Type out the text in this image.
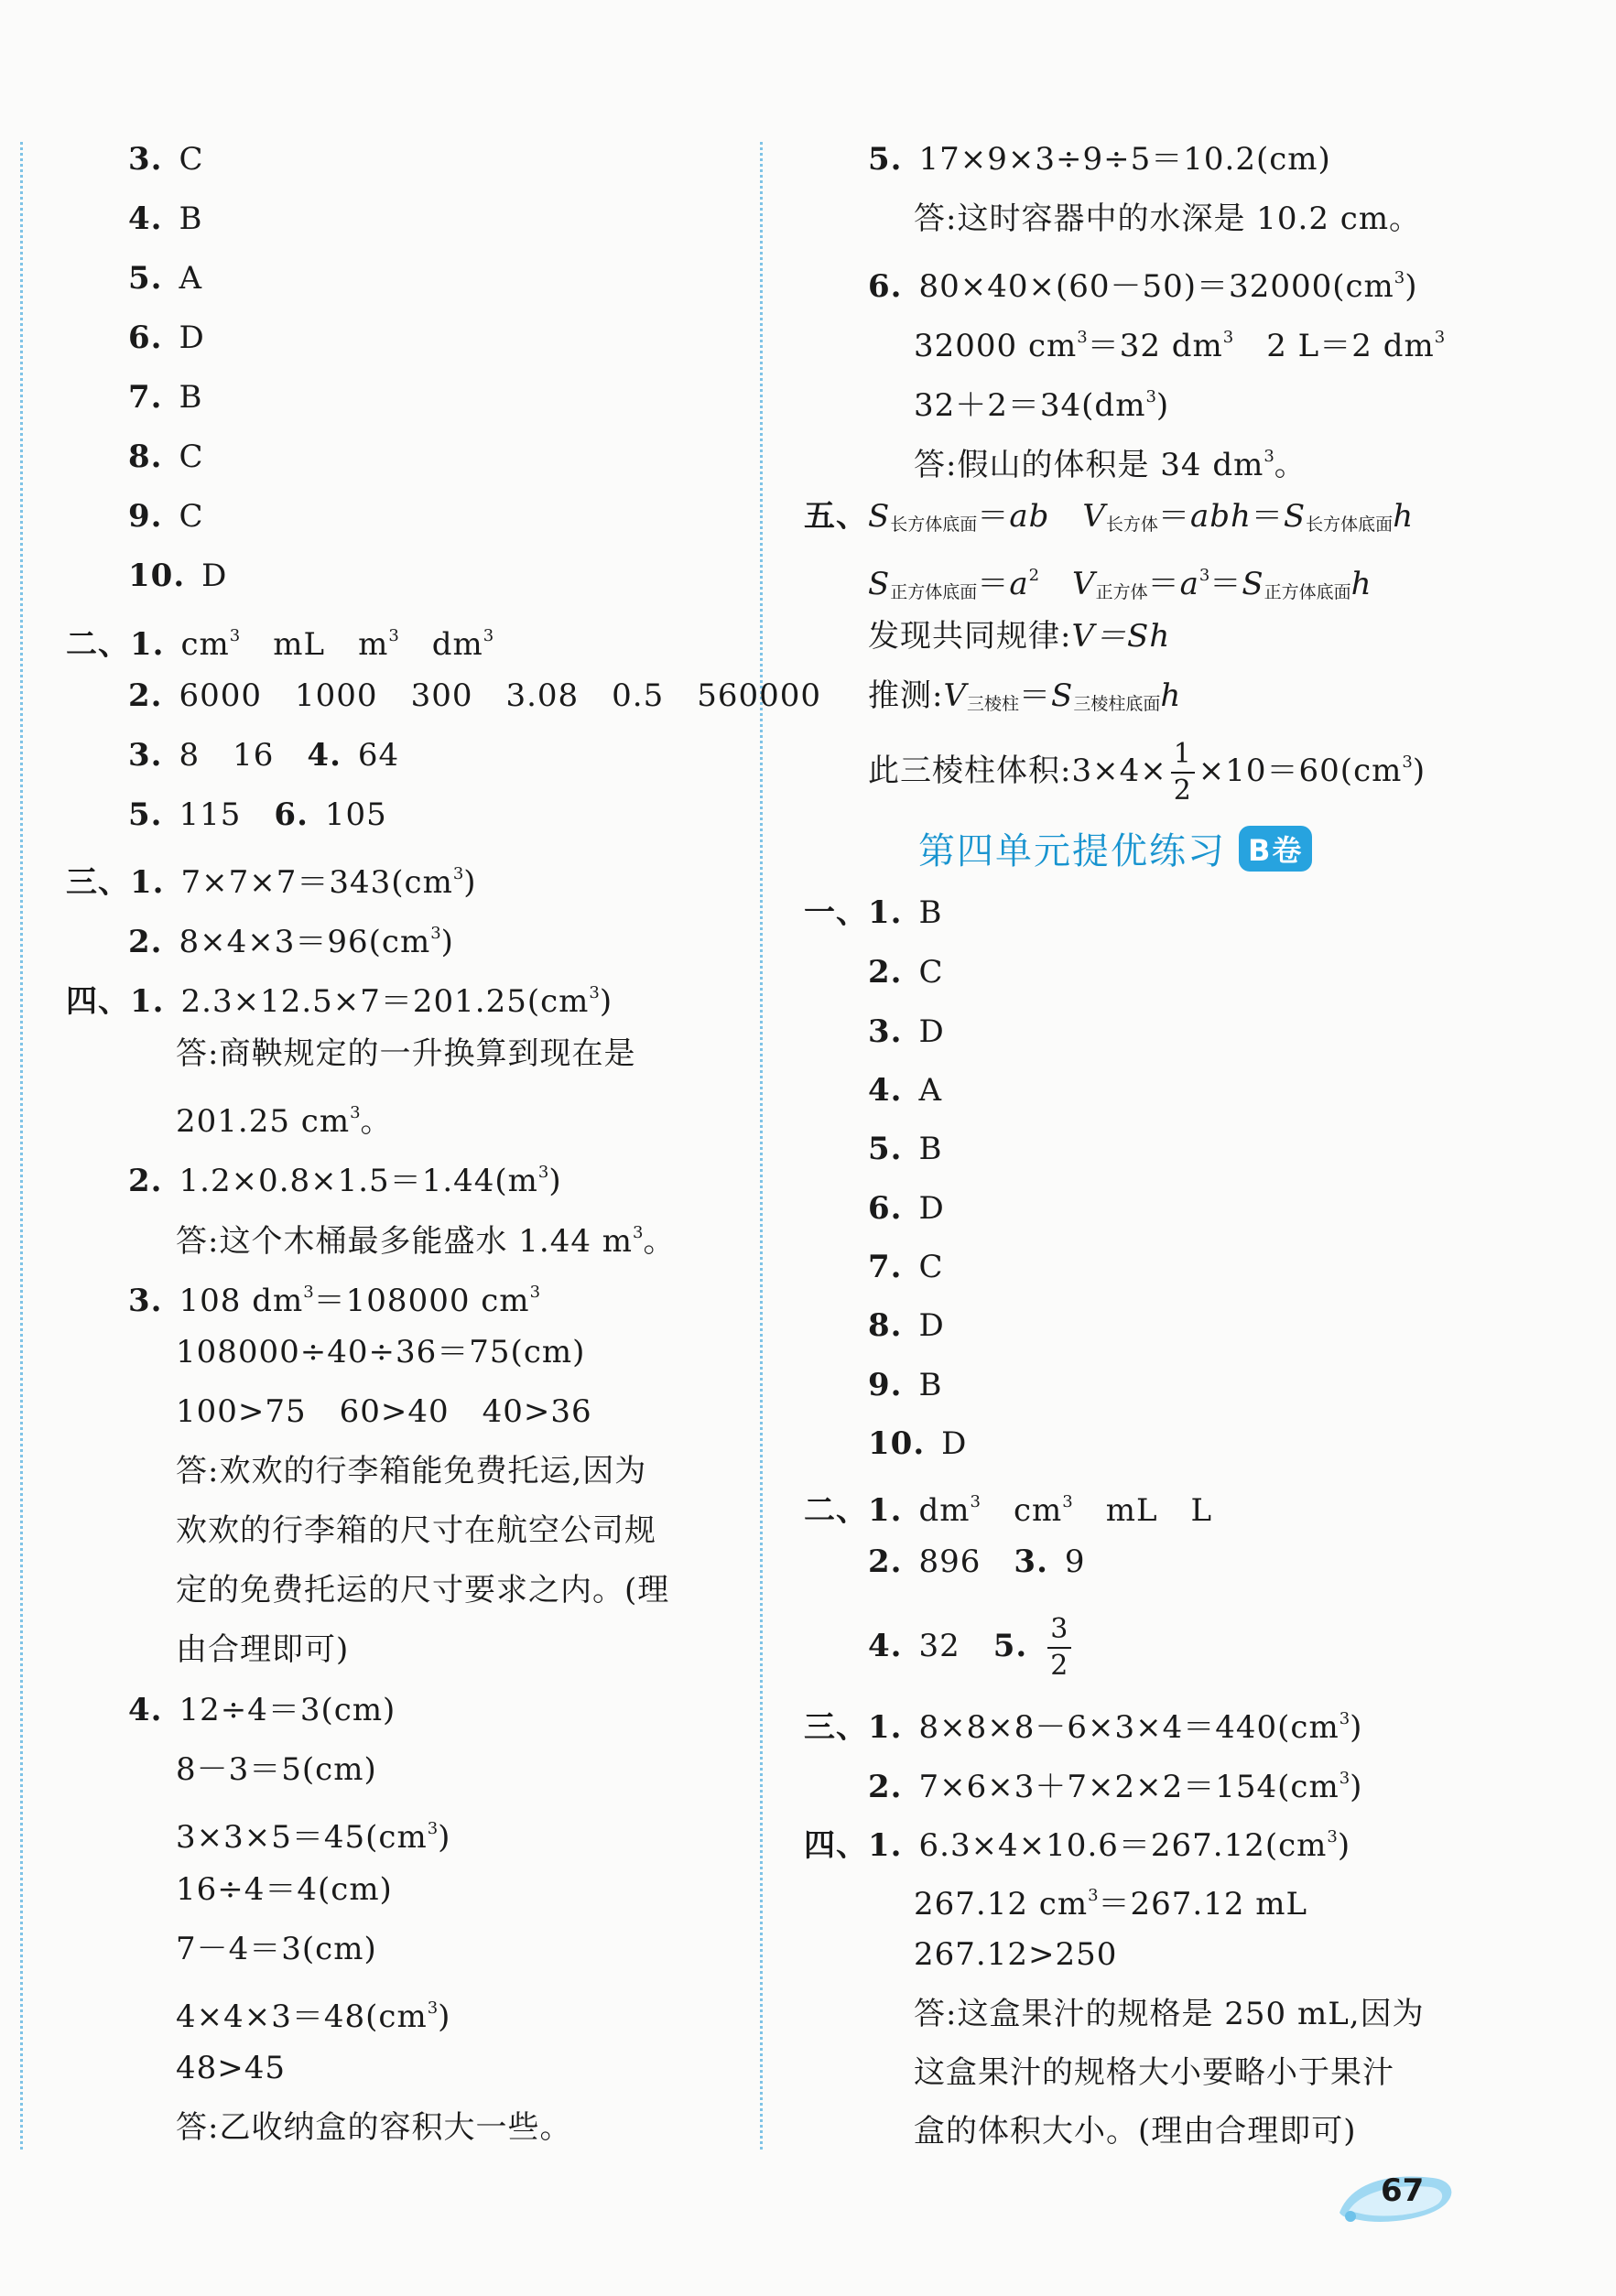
3. C
4. B
5. A
6. D
7. B
8. C
9. C
10. D
二、1. $cm^3$ mL $m^3$ $dm^3$
2. 6000 1000 300 3.08 0.5 560000
3. 8 16 4. 64
5. 115 6. 105
三、1. $7\times 7\times 7=343(cm^3)$
2. $8\times 4\times 3=96(cm^3)$
四、1. $2.3\times 12.5\times 7=201.25(cm^3)$
答:商鞅规定的一升换算到现在是
201.25 $cm^3$。
2. $1.2\times 0.8\times 1.5=1.44(m^3)$
答:这个木桶最多能盛水 1.44 $m^3$。
3. 108 $dm^3=108000$ $cm^3$
108000÷40÷36＝75(cm)
100>75 60>40 40>36
答:欢欢的行李箱能免费托运,因为
欢欢的行李箱的尺寸在航空公司规
定的免费托运的尺寸要求之内。(理
由合理即可)
4. 12÷4＝3(cm)
8－3＝5(cm)
$3\times 3\times 5=45(cm^3)$
16÷4＝4(cm)
7－4＝3(cm)
$4\times 4\times 3=48(cm^3)$
48>45
答:乙收纳盒的容积大一些。
5. 17×9×3÷9÷5＝10.2(cm)
答:这时容器中的水深是 10.2 cm。
6. $80\times 40\times(60-50)=32000(cm^3)$
32000 $cm^3=32$ $dm^3$ 2 L＝2 $dm^3$
$32+2=34(dm^3)$
答:假山的体积是 34 $dm^3$。
五、$S_{长方体底面}=ab$ $V_{长方体}=abh=S_{长方体底面}h$
$S_{正方体底面}=a^2$ $V_{正方体}=a^3=S_{正方体底面}h$
发现共同规律:V＝Sh
推测$:V_{三棱柱}=S_{三棱柱底面}h$
此三棱柱体积:3×4× $\frac{1}{2} \times 10=60(cm^3)$
第四单元提优练习 B卷
一、1. B
2. C
3. D
4. A
5. B
6. D
7. C
8. D
9. B
10. D
二、1. $dm^3$ $cm^3$ mL L
2. 896 3. 9
4. 32 5. $\frac{3}{2}$
三、1. $8\times 8\times 8-6\times 3\times 4=440(cm^3)$
2. $7\times 6\times 3+7\times 2\times 2=154(cm^3)$
四、1. $6.3\times 4\times 10.6=267.12(cm^3)$
267.12 $cm^3=267.12$ mL
267.12>250
答:这盒果汁的规格是 250 mL,因为
这盒果汁的规格大小要略小于果汁
盒的体积大小。(理由合理即可)
67
